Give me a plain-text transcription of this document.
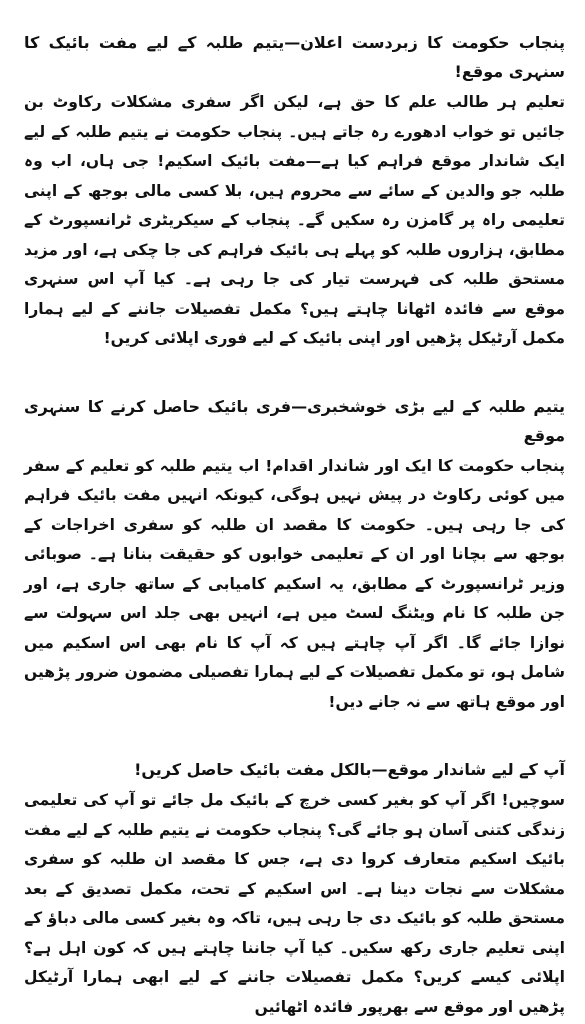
پنجاب حکومت کا زبردست اعلان—یتیم طلبہ کے لیے مفت بائیک کا سنہری موقع!

تعلیم ہر طالب علم کا حق ہے، لیکن اگر سفری مشکلات رکاوٹ بن جائیں تو خواب ادھورے رہ جاتے ہیں۔ پنجاب حکومت نے یتیم طلبہ کے لیے ایک شاندار موقع فراہم کیا ہے—مفت بائیک اسکیم! جی ہاں، اب وہ طلبہ جو والدین کے سائے سے محروم ہیں، بلا کسی مالی بوجھ کے اپنی تعلیمی راہ پر گامزن رہ سکیں گے۔ پنجاب کے سیکریٹری ٹرانسپورٹ کے مطابق، ہزاروں طلبہ کو پہلے ہی بائیک فراہم کی جا چکی ہے، اور مزید مستحق طلبہ کی فہرست تیار کی جا رہی ہے۔ کیا آپ اس سنہری موقع سے فائدہ اٹھانا چاہتے ہیں؟ مکمل تفصیلات جاننے کے لیے ہمارا مکمل آرٹیکل پڑھیں اور اپنی بائیک کے لیے فوری اپلائی کریں!

یتیم طلبہ کے لیے بڑی خوشخبری—فری بائیک حاصل کرنے کا سنہری موقع

پنجاب حکومت کا ایک اور شاندار اقدام! اب یتیم طلبہ کو تعلیم کے سفر میں کوئی رکاوٹ در پیش نہیں ہوگی، کیونکہ انہیں مفت بائیک فراہم کی جا رہی ہیں۔ حکومت کا مقصد ان طلبہ کو سفری اخراجات کے بوجھ سے بچانا اور ان کے تعلیمی خوابوں کو حقیقت بنانا ہے۔ صوبائی وزیر ٹرانسپورٹ کے مطابق، یہ اسکیم کامیابی کے ساتھ جاری ہے، اور جن طلبہ کا نام ویٹنگ لسٹ میں ہے، انہیں بھی جلد اس سہولت سے نوازا جائے گا۔ اگر آپ چاہتے ہیں کہ آپ کا نام بھی اس اسکیم میں شامل ہو، تو مکمل تفصیلات کے لیے ہمارا تفصیلی مضمون ضرور پڑھیں اور موقع ہاتھ سے نہ جانے دیں!

آپ کے لیے شاندار موقع—بالکل مفت بائیک حاصل کریں!

سوچیں! اگر آپ کو بغیر کسی خرچ کے بائیک مل جائے تو آپ کی تعلیمی زندگی کتنی آسان ہو جائے گی؟ پنجاب حکومت نے یتیم طلبہ کے لیے مفت بائیک اسکیم متعارف کروا دی ہے، جس کا مقصد ان طلبہ کو سفری مشکلات سے نجات دینا ہے۔ اس اسکیم کے تحت، مکمل تصدیق کے بعد مستحق طلبہ کو بائیک دی جا رہی ہیں، تاکہ وہ بغیر کسی مالی دباؤ کے اپنی تعلیم جاری رکھ سکیں۔ کیا آپ جاننا چاہتے ہیں کہ کون اہل ہے؟ اپلائی کیسے کریں؟ مکمل تفصیلات جاننے کے لیے ابھی ہمارا آرٹیکل پڑھیں اور موقع سے بھرپور فائدہ اٹھائیں
